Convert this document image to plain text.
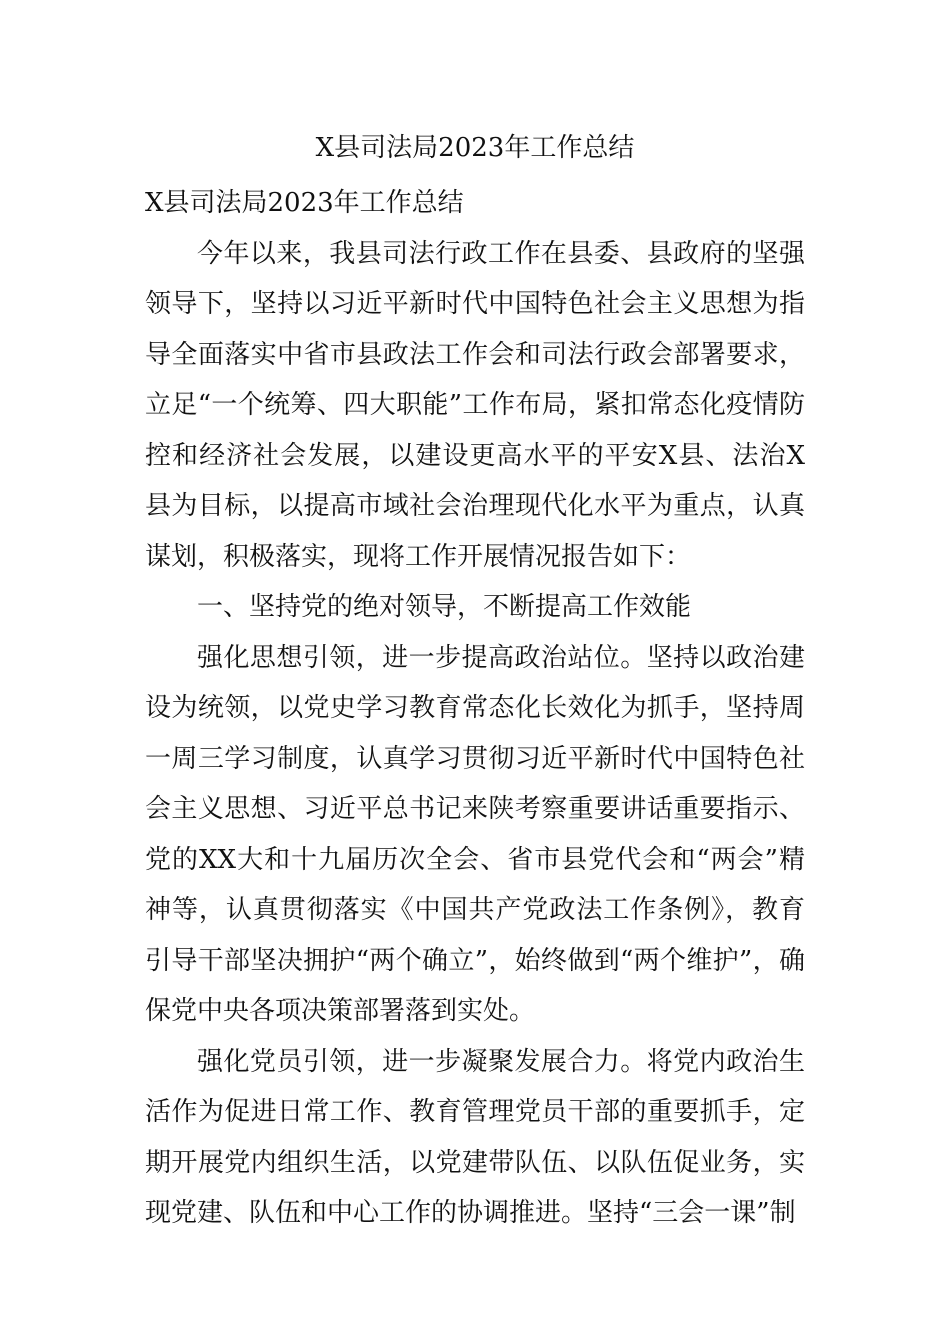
X县司法局2023年工作总结

X县司法局2023年工作总结

今年以来，我县司法行政工作在县委、县政府的坚强领导下，坚持以习近平新时代中国特色社会主义思想为指导全面落实中省市县政法工作会和司法行政会部署要求，立足“一个统筹、四大职能”工作布局，紧扣常态化疫情防控和经济社会发展，以建设更高水平的平安X县、法治X县为目标，以提高市域社会治理现代化水平为重点，认真谋划，积极落实，现将工作开展情况报告如下：

一、坚持党的绝对领导，不断提高工作效能

强化思想引领，进一步提高政治站位。坚持以政治建设为统领，以党史学习教育常态化长效化为抓手，坚持周一周三学习制度，认真学习贯彻习近平新时代中国特色社会主义思想、习近平总书记来陕考察重要讲话重要指示、党的XX大和十九届历次全会、省市县党代会和“两会”精神等，认真贯彻落实《中国共产党政法工作条例》，教育引导干部坚决拥护“两个确立”，始终做到“两个维护”，确保党中央各项决策部署落到实处。

强化党员引领，进一步凝聚发展合力。将党内政治生活作为促进日常工作、教育管理党员干部的重要抓手，定期开展党内组织生活，以党建带队伍、以队伍促业务，实现党建、队伍和中心工作的协调推进。坚持“三会一课”制
